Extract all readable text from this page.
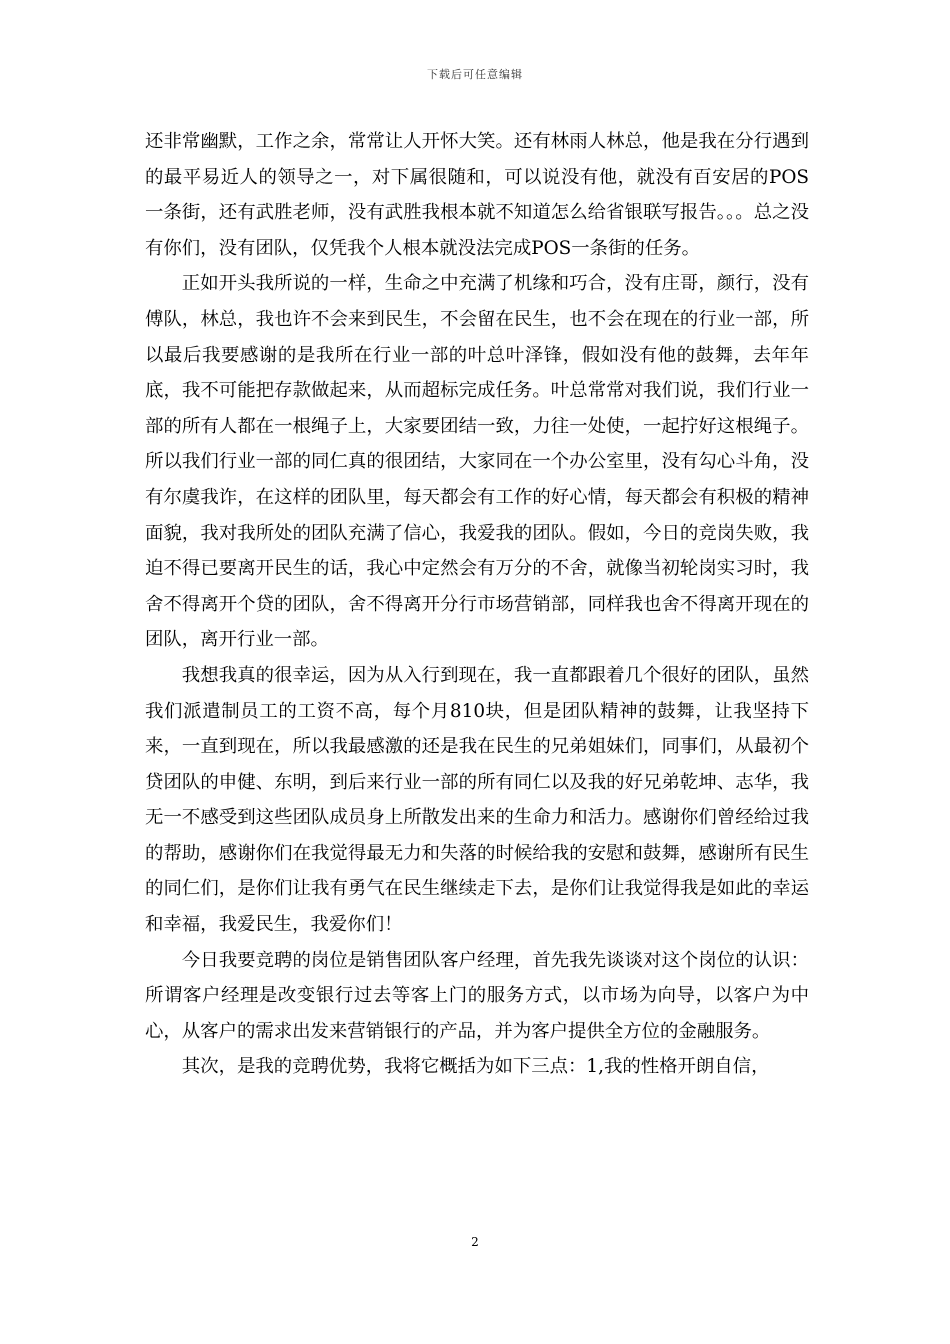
下载后可任意编辑

还非常幽默，工作之余，常常让人开怀大笑。还有林雨人林总，他是我在分行遇到的最平易近人的领导之一，对下属很随和，可以说没有他，就没有百安居的POS一条街，还有武胜老师，没有武胜我根本就不知道怎么给省银联写报告。。。总之没有你们，没有团队，仅凭我个人根本就没法完成POS一条街的任务。

正如开头我所说的一样，生命之中充满了机缘和巧合，没有庄哥，颜行，没有傅队，林总，我也许不会来到民生，不会留在民生，也不会在现在的行业一部，所以最后我要感谢的是我所在行业一部的叶总叶泽锋，假如没有他的鼓舞，去年年底，我不可能把存款做起来，从而超标完成任务。叶总常常对我们说，我们行业一部的所有人都在一根绳子上，大家要团结一致，力往一处使，一起拧好这根绳子。所以我们行业一部的同仁真的很团结，大家同在一个办公室里，没有勾心斗角，没有尔虞我诈，在这样的团队里，每天都会有工作的好心情，每天都会有积极的精神面貌，我对我所处的团队充满了信心，我爱我的团队。假如，今日的竞岗失败，我迫不得已要离开民生的话，我心中定然会有万分的不舍，就像当初轮岗实习时，我舍不得离开个贷的团队，舍不得离开分行市场营销部，同样我也舍不得离开现在的团队，离开行业一部。

我想我真的很幸运，因为从入行到现在，我一直都跟着几个很好的团队，虽然我们派遣制员工的工资不高，每个月810块，但是团队精神的鼓舞，让我坚持下来，一直到现在，所以我最感激的还是我在民生的兄弟姐妹们，同事们，从最初个贷团队的申健、东明，到后来行业一部的所有同仁以及我的好兄弟乾坤、志华，我无一不感受到这些团队成员身上所散发出来的生命力和活力。感谢你们曾经给过我的帮助，感谢你们在我觉得最无力和失落的时候给我的安慰和鼓舞，感谢所有民生的同仁们，是你们让我有勇气在民生继续走下去，是你们让我觉得我是如此的幸运和幸福，我爱民生，我爱你们！

今日我要竞聘的岗位是销售团队客户经理，首先我先谈谈对这个岗位的认识：所谓客户经理是改变银行过去等客上门的服务方式，以市场为向导，以客户为中心，从客户的需求出发来营销银行的产品，并为客户提供全方位的金融服务。

其次，是我的竞聘优势，我将它概括为如下三点：1,我的性格开朗自信，

2
